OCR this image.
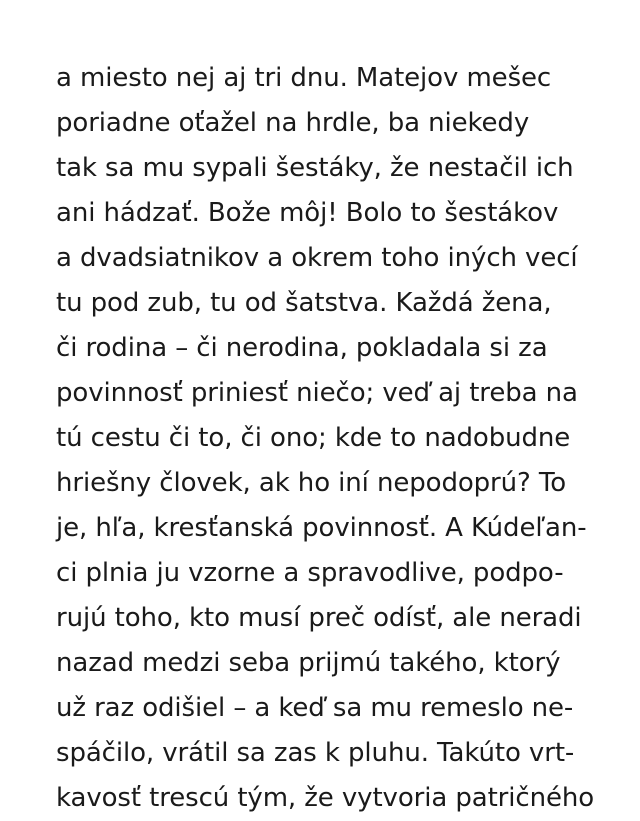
a miesto nej aj tri dnu. Matejov mešec
poriadne oťažel na hrdle, ba niekedy
tak sa mu sypali šestáky, že nestačil ich
ani hádzať. Bože môj! Bolo to šestákov
a dvadsiatnikov a okrem toho iných vecí
tu pod zub, tu od šatstva. Každá žena,
či rodina – či nerodina, pokladala si za
povinnosť priniesť niečo; veď aj treba na
tú cestu či to, či ono; kde to nadobudne
hriešny človek, ak ho iní nepodoprú? To
je, hľa, kresťanská povinnosť. A Kúdeľan-
ci plnia ju vzorne a spravodlive, podpo-
rujú toho, kto musí preč odísť, ale neradi
nazad medzi seba prijmú takého, ktorý
už raz odišiel – a keď sa mu remeslo ne-
spáčilo, vrátil sa zas k pluhu. Takúto vrt-
kavosť trescú tým, že vytvoria patričného
